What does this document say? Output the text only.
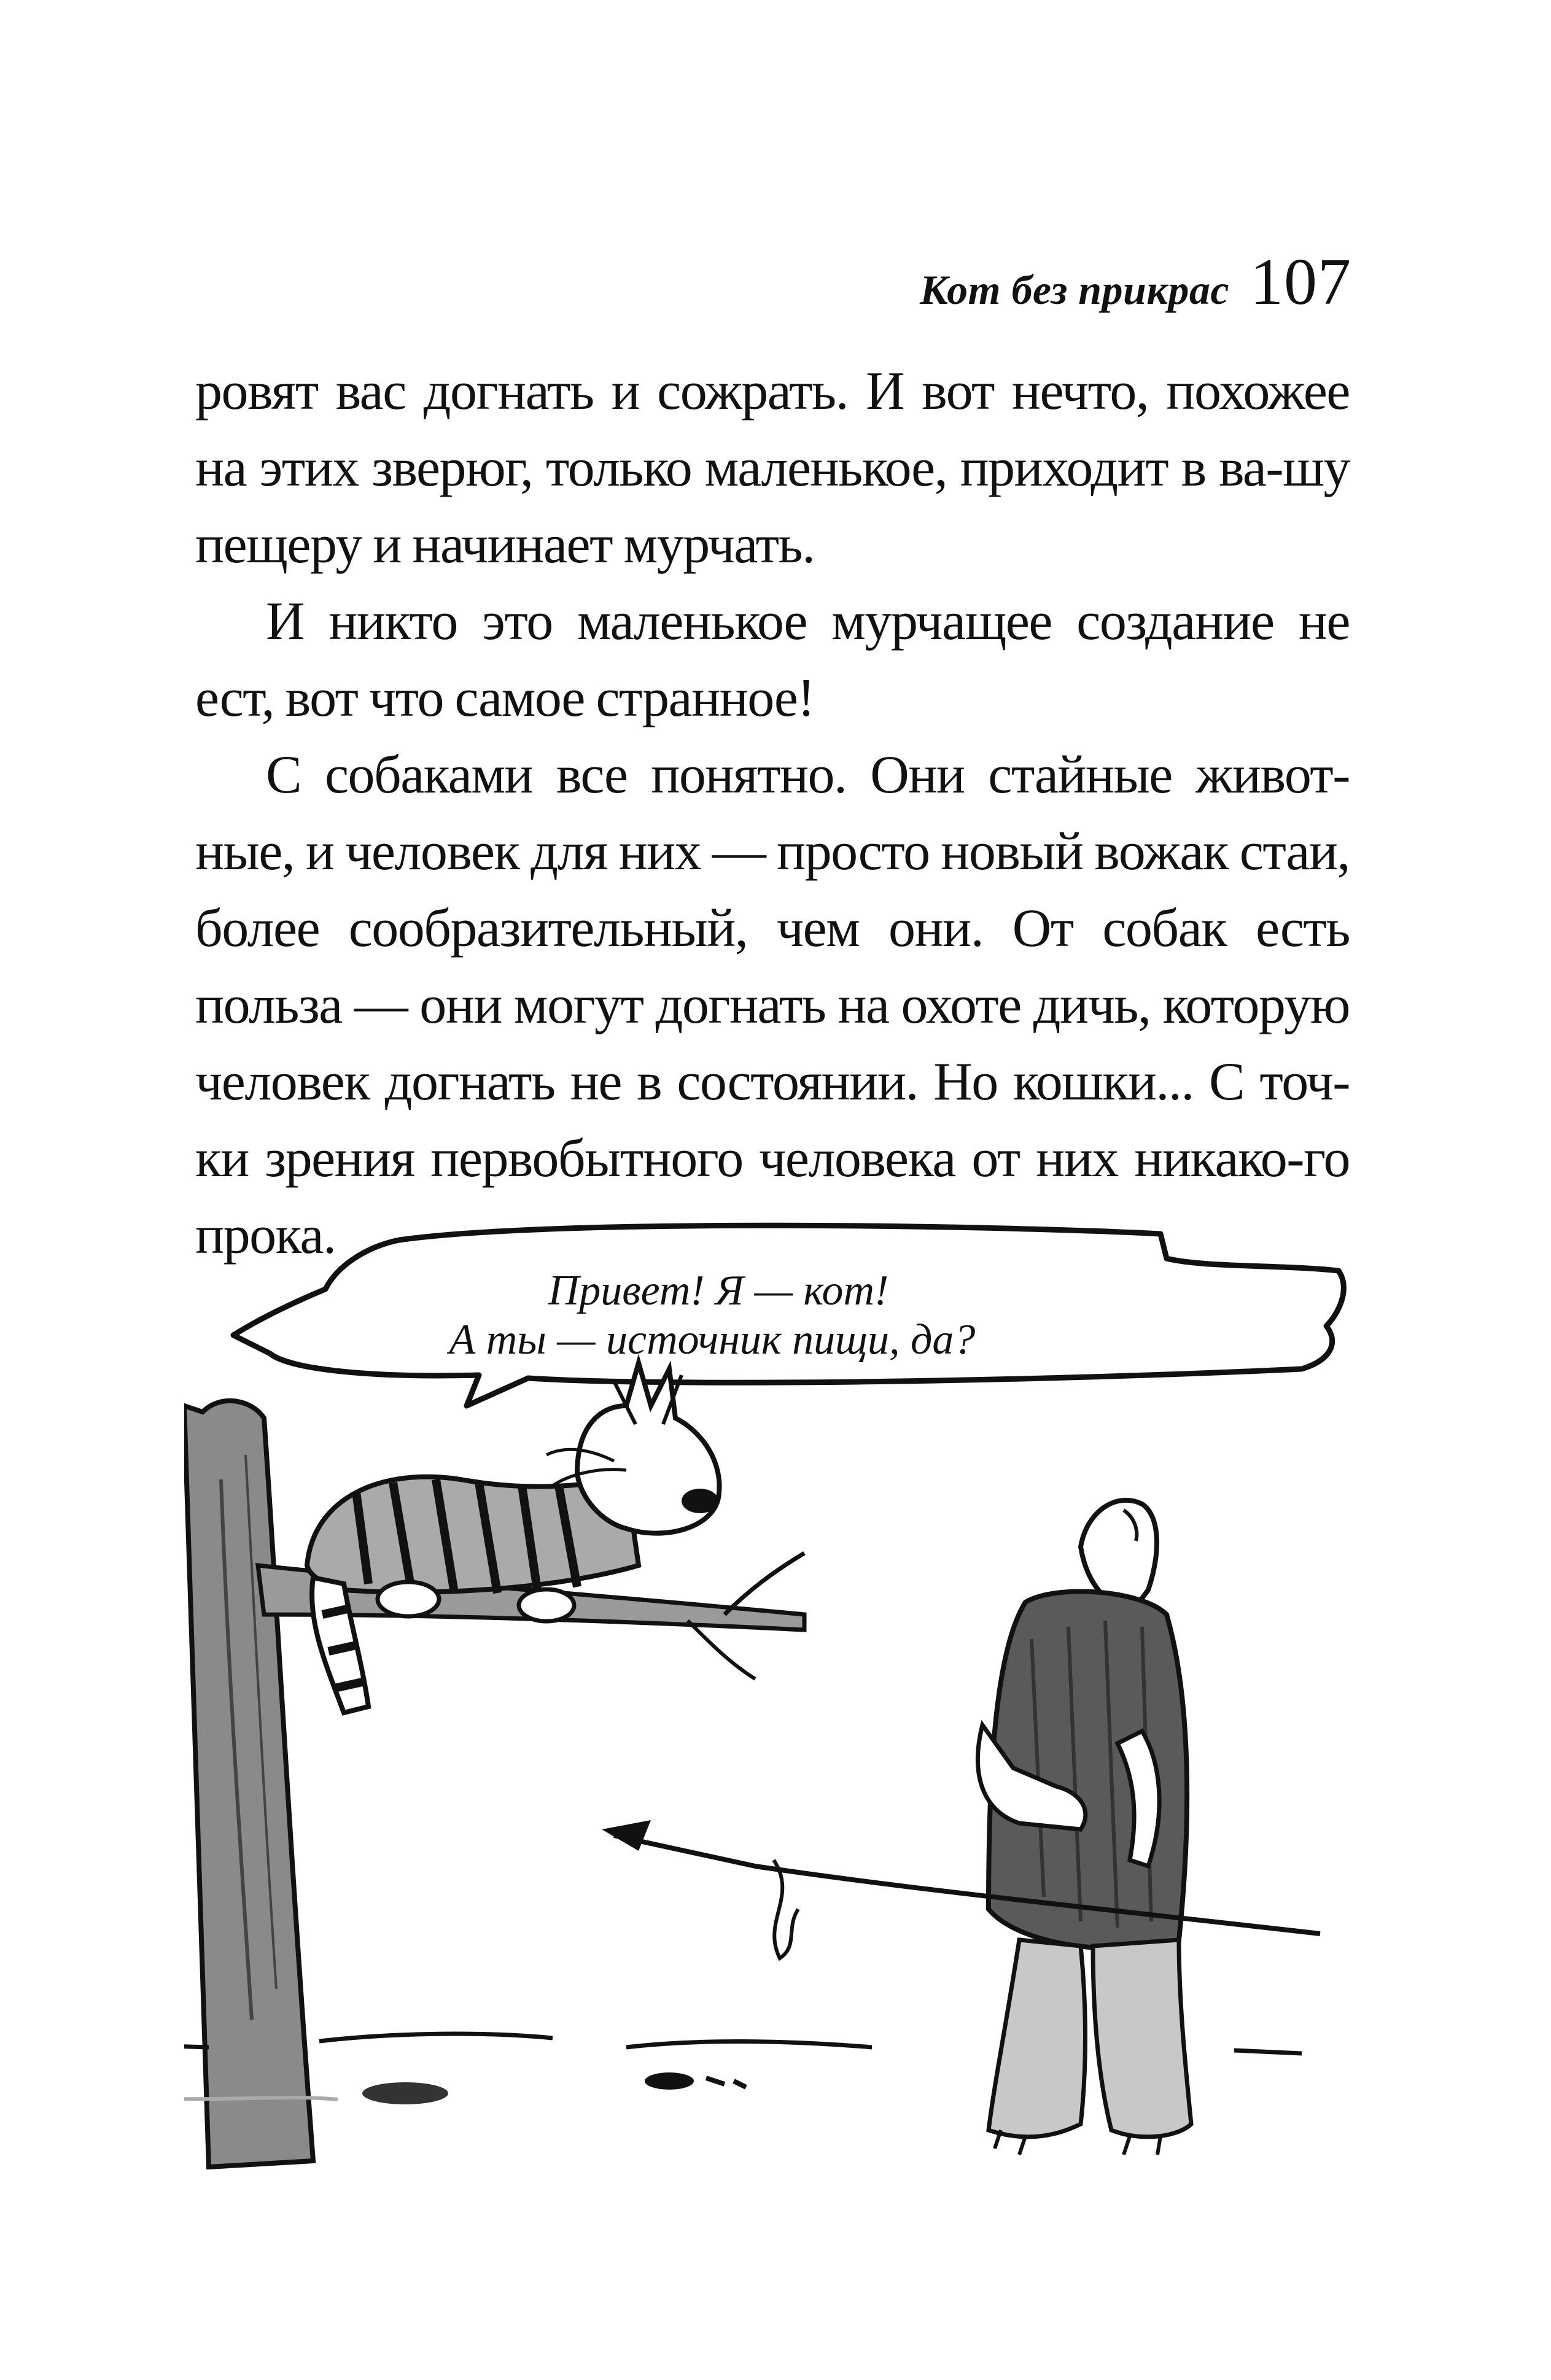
Кот без прикрас 107

ровят вас догнать и сожрать. И вот нечто, похожее на этих зверюг, только маленькое, приходит в ва-шу пещеру и начинает мурчать.

И никто это маленькое мурчащее создание не ест, вот что самое странное!

С собаками все понятно. Они стайные живот-ные, и человек для них — просто новый вожак стаи, более сообразительный, чем они. От собак есть польза — они могут догнать на охоте дичь, которую человек догнать не в состоянии. Но кошки... С точ-ки зрения первобытного человека от них никако-го прока.

Привет! Я — кот!
А ты — источник пищи, да?
